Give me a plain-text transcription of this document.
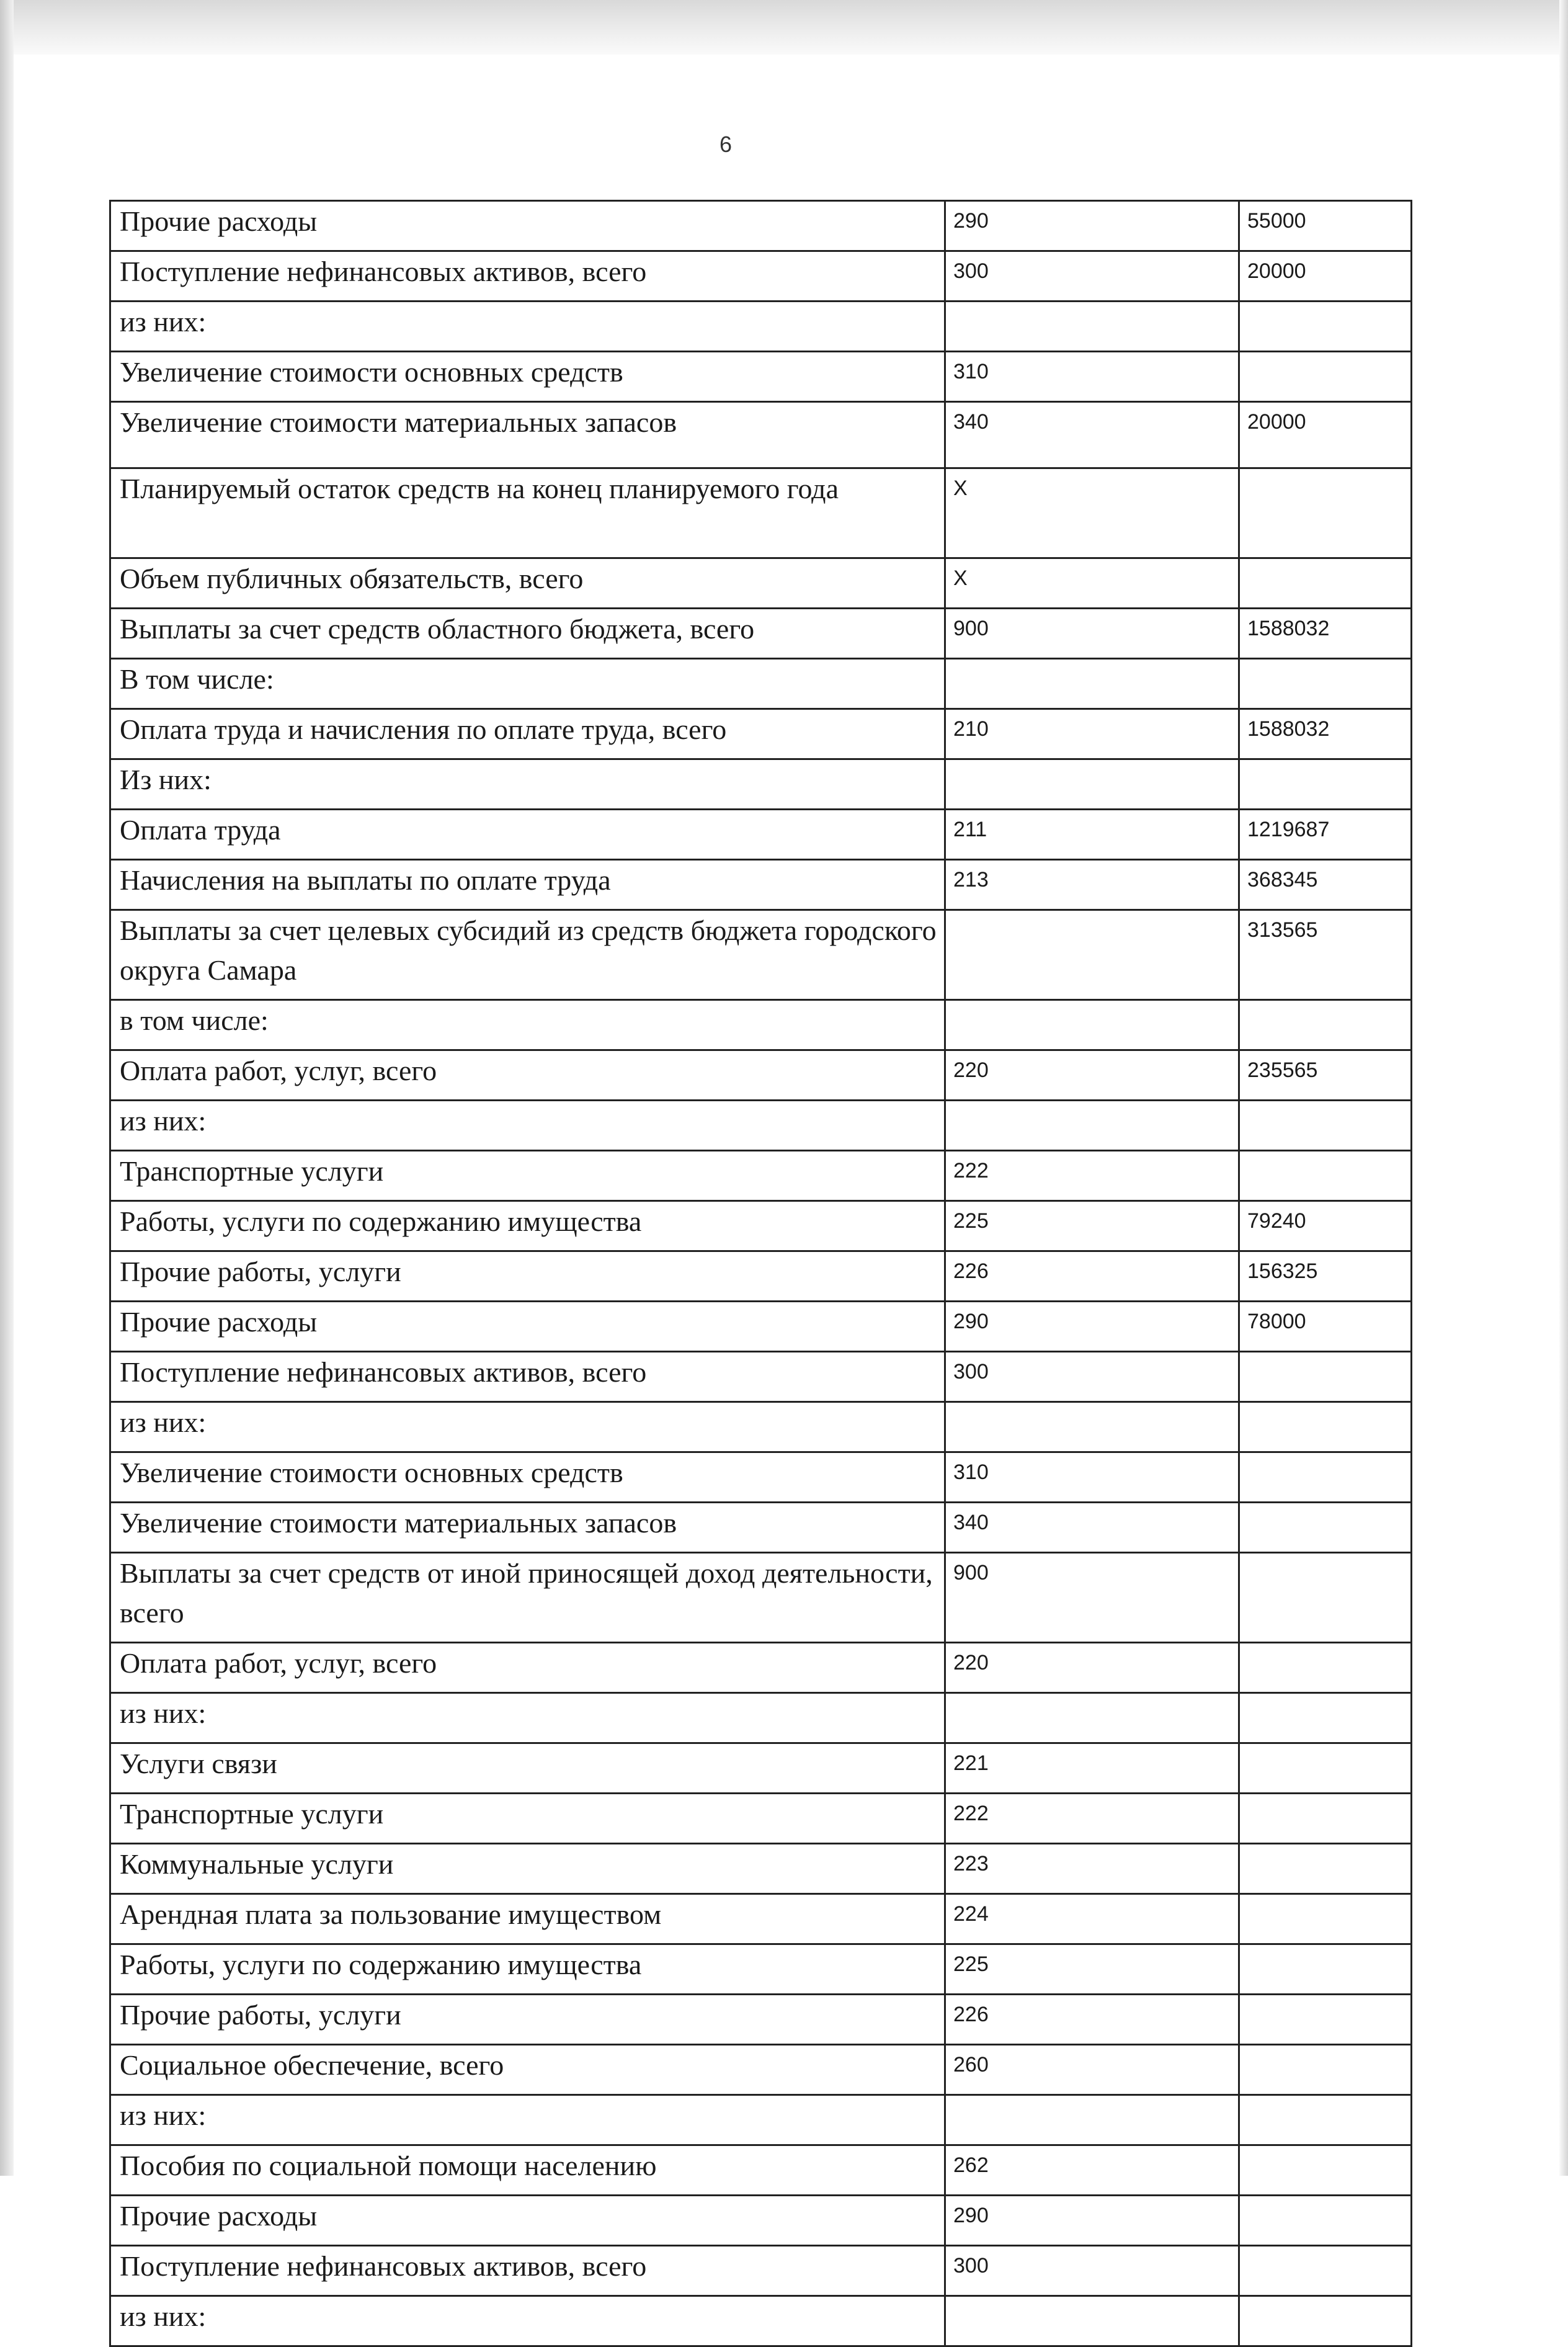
6
Прочие расходы	290	55000
Поступление нефинансовых активов, всего	300	20000
из них:		
Увеличение стоимости основных средств	310	
Увеличение стоимости материальных запасов	340	20000
Планируемый остаток средств на конец планируемого года	Х	
Объем публичных обязательств, всего	Х	
Выплаты за счет средств областного бюджета, всего	900	1588032
В том числе:		
Оплата труда и начисления по оплате труда, всего	210	1588032
Из них:		
Оплата труда	211	1219687
Начисления на выплаты по оплате труда	213	368345
Выплаты за счет целевых субсидий из средств бюджета городского округа Самара		313565
в том числе:		
Оплата работ, услуг, всего	220	235565
из них:		
Транспортные услуги	222	
Работы, услуги по содержанию имущества	225	79240
Прочие работы, услуги	226	156325
Прочие расходы	290	78000
Поступление нефинансовых активов, всего	300	
из них:		
Увеличение стоимости основных средств	310	
Увеличение стоимости материальных запасов	340	
Выплаты за счет средств от иной приносящей доход деятельности, всего	900	
Оплата работ, услуг, всего	220	
из них:		
Услуги связи	221	
Транспортные услуги	222	
Коммунальные услуги	223	
Арендная плата за пользование имуществом	224	
Работы, услуги по содержанию имущества	225	
Прочие работы, услуги	226	
Социальное обеспечение, всего	260	
из них:		
Пособия по социальной помощи населению	262	
Прочие расходы	290	
Поступление нефинансовых активов, всего	300	
из них:		
